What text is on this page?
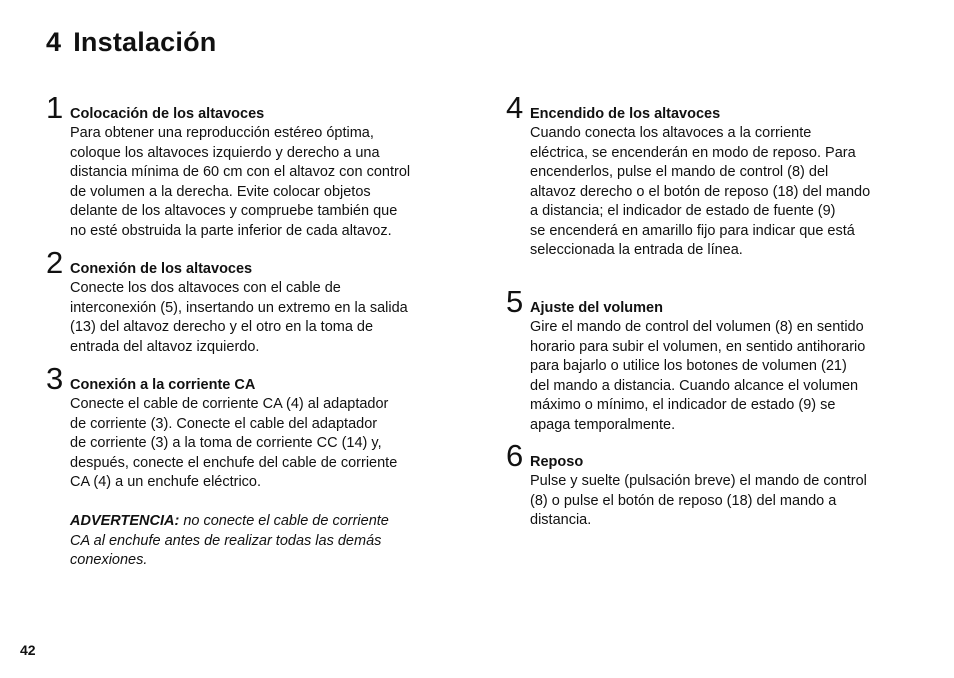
4 Instalación
1 Colocación de los altavoces
Para obtener una reproducción estéreo óptima,
coloque los altavoces izquierdo y derecho a una
distancia mínima de 60 cm con el altavoz con control
de volumen a la derecha. Evite colocar objetos
delante de los altavoces y compruebe también que
no esté obstruida la parte inferior de cada altavoz.
2 Conexión de los altavoces
Conecte los dos altavoces con el cable de
interconexión (5), insertando un extremo en la salida
(13) del altavoz derecho y el otro en la toma de
entrada del altavoz izquierdo.
3 Conexión a la corriente CA
Conecte el cable de corriente CA (4) al adaptador
de corriente (3). Conecte el cable del adaptador
de corriente (3) a la toma de corriente CC (14) y,
después, conecte el enchufe del cable de corriente
CA (4) a un enchufe eléctrico.
ADVERTENCIA: no conecte el cable de corriente
CA al enchufe antes de realizar todas las demás
conexiones.
4 Encendido de los altavoces
Cuando conecta los altavoces a la corriente
eléctrica, se encenderán en modo de reposo. Para
encenderlos, pulse el mando de control (8) del
altavoz derecho o el botón de reposo (18) del mando
a distancia; el indicador de estado de fuente (9)
se encenderá en amarillo fijo para indicar que está
seleccionada la entrada de línea.
5 Ajuste del volumen
Gire el mando de control del volumen (8) en sentido
horario para subir el volumen, en sentido antihorario
para bajarlo o utilice los botones de volumen (21)
del mando a distancia. Cuando alcance el volumen
máximo o mínimo, el indicador de estado (9) se
apaga temporalmente.
6 Reposo
Pulse y suelte (pulsación breve) el mando de control
(8) o pulse el botón de reposo (18) del mando a
distancia.
42
